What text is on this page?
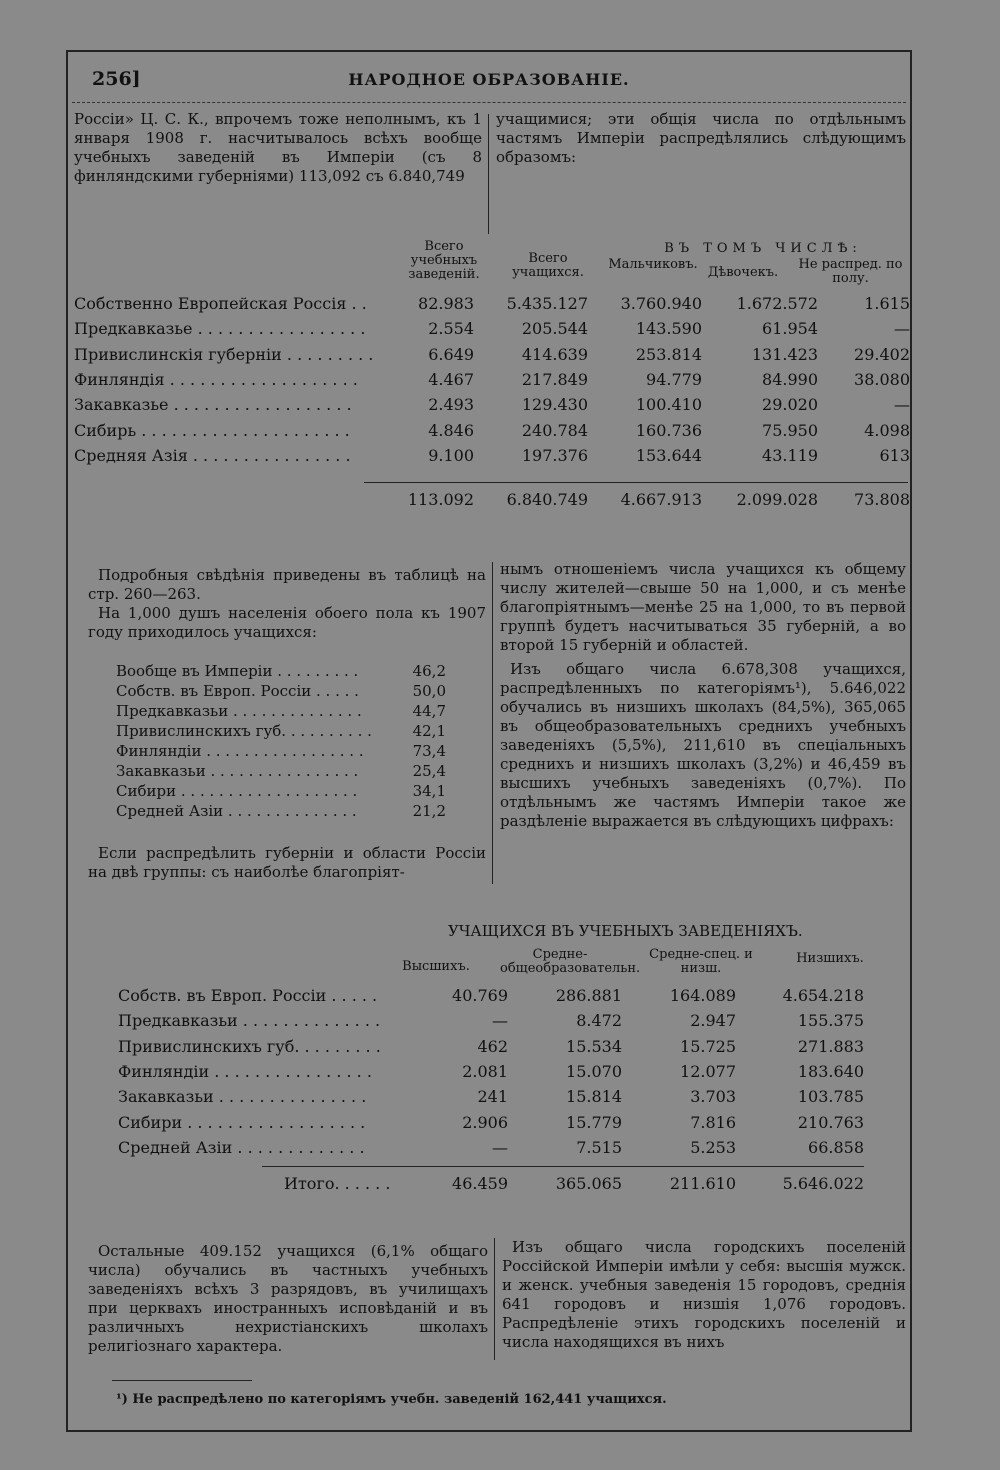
256]	НАРОДНОЕ ОБРАЗОВАНІЕ.
Россіи» Ц. С. К., впрочемъ тоже неполнымъ, къ 1 января 1908 г. насчитывалось всѣхъ вообще учебныхъ заведеній въ Имперіи (съ 8 финляндскими губерніями) 113,092 съ 6.840,749
учащимися; эти общія числа по отдѣльнымъ частямъ Имперіи распредѣлялись слѣдующимъ образомъ:
Всего учебныхъ заведеній.
Всего учащихся.
ВЪ ТОМЪ ЧИСЛѢ:
Мальчиковъ.
Дѣвочекъ.
Не распред. по полу.
Собственно Европейская Россія . .	82.983 5.435.127 3.760.940 1.672.572	1.615
Предкавказье . . . . . . . . . . . . . . . . .	2.554	205.544	143.590	61.954	—
Привислинскія губерніи . . . . . . . . .	6.649	414.639	253.814	131.423 29.402
Финляндія . . . . . . . . . . . . . . . . . . .	4.467	217.849	94.779	84.990 38.080
Закавказье . . . . . . . . . . . . . . . . . .	2.493	129.430	100.410	29.020	—
Сибирь . . . . . . . . . . . . . . . . . . . . .	4.846	240.784	160.736	75.950	4.098
Средняя Азія . . . . . . . . . . . . . . . .	9.100	197.376	153.644	43.119	613
113.092 6.840.749 4.667.913 2.099.028 73.808
Подробныя свѣдѣнія приведены въ таблицѣ на стр. 260—263.
На 1,000 душъ населенія обоего пола къ 1907 году приходилось учащихся:
Вообще въ Имперіи . . . . . . . . .	46,2
Собств. въ Европ. Россіи . . . . .	50,0
Предкавказьи . . . . . . . . . . . . . .	44,7
Привислинскихъ губ. . . . . . . . . .	42,1
Финляндіи . . . . . . . . . . . . . . . . .	73,4
Закавказьи . . . . . . . . . . . . . . . .	25,4
Сибири . . . . . . . . . . . . . . . . . . .	34,1
Средней Азіи . . . . . . . . . . . . . .	21,2
Если распредѣлить губерніи и области Россіи на двѣ группы: съ наиболѣе благопріят-
нымъ отношеніемъ числа учащихся къ общему числу жителей—свыше 50 на 1,000, и съ менѣе благопріятнымъ—менѣе 25 на 1,000, то въ первой группѣ будетъ насчитываться 35 губерній, а во второй 15 губерній и областей.
Изъ общаго числа 6.678,308 учащихся, распредѣленныхъ по категоріямъ¹), 5.646,022 обучались въ низшихъ школахъ (84,5%), 365,065 въ общеобразовательныхъ среднихъ учебныхъ заведеніяхъ (5,5%), 211,610 въ спеціальныхъ среднихъ и низшихъ школахъ (3,2%) и 46,459 въ высшихъ учебныхъ заведеніяхъ (0,7%). По отдѣльнымъ же частямъ Имперіи такое же раздѣленіе выражается въ слѣдующихъ цифрахъ:
УЧАЩИХСЯ ВЪ УЧЕБНЫХЪ ЗАВЕДЕНІЯХЪ.
Высшихъ.
Средне-общеобразовательн.
Средне-спец. и низш.
Низшихъ.
Собств. въ Европ. Россіи . . . . .	40.769	286.881	164.089	4.654.218
Предкавказьи . . . . . . . . . . . . . .	—	8.472	2.947	155.375
Привислинскихъ губ. . . . . . . . .	462	15.534	15.725	271.883
Финляндіи . . . . . . . . . . . . . . . .	2.081	15.070	12.077	183.640
Закавказьи . . . . . . . . . . . . . . .	241	15.814	3.703	103.785
Сибири . . . . . . . . . . . . . . . . . .	2.906	15.779	7.816	210.763
Средней Азіи . . . . . . . . . . . . .	—	7.515	5.253	66.858
Итого. . . . . .	46.459	365.065	211.610	5.646.022
Остальные 409.152 учащихся (6,1% общаго числа) обучались въ частныхъ учебныхъ заведеніяхъ всѣхъ 3 разрядовъ, въ училищахъ при церквахъ иностранныхъ исповѣданій и въ различныхъ нехристіанскихъ школахъ религіознаго характера.
Изъ общаго числа городскихъ поселеній Россійской Имперіи имѣли у себя: высшія мужск. и женск. учебныя заведенія 15 городовъ, среднія 641 городовъ и низшія 1,076 городовъ. Распредѣленіе этихъ городскихъ поселеній и числа находящихся въ нихъ
¹) Не распредѣлено по категоріямъ учебн. заведеній 162,441 учащихся.
